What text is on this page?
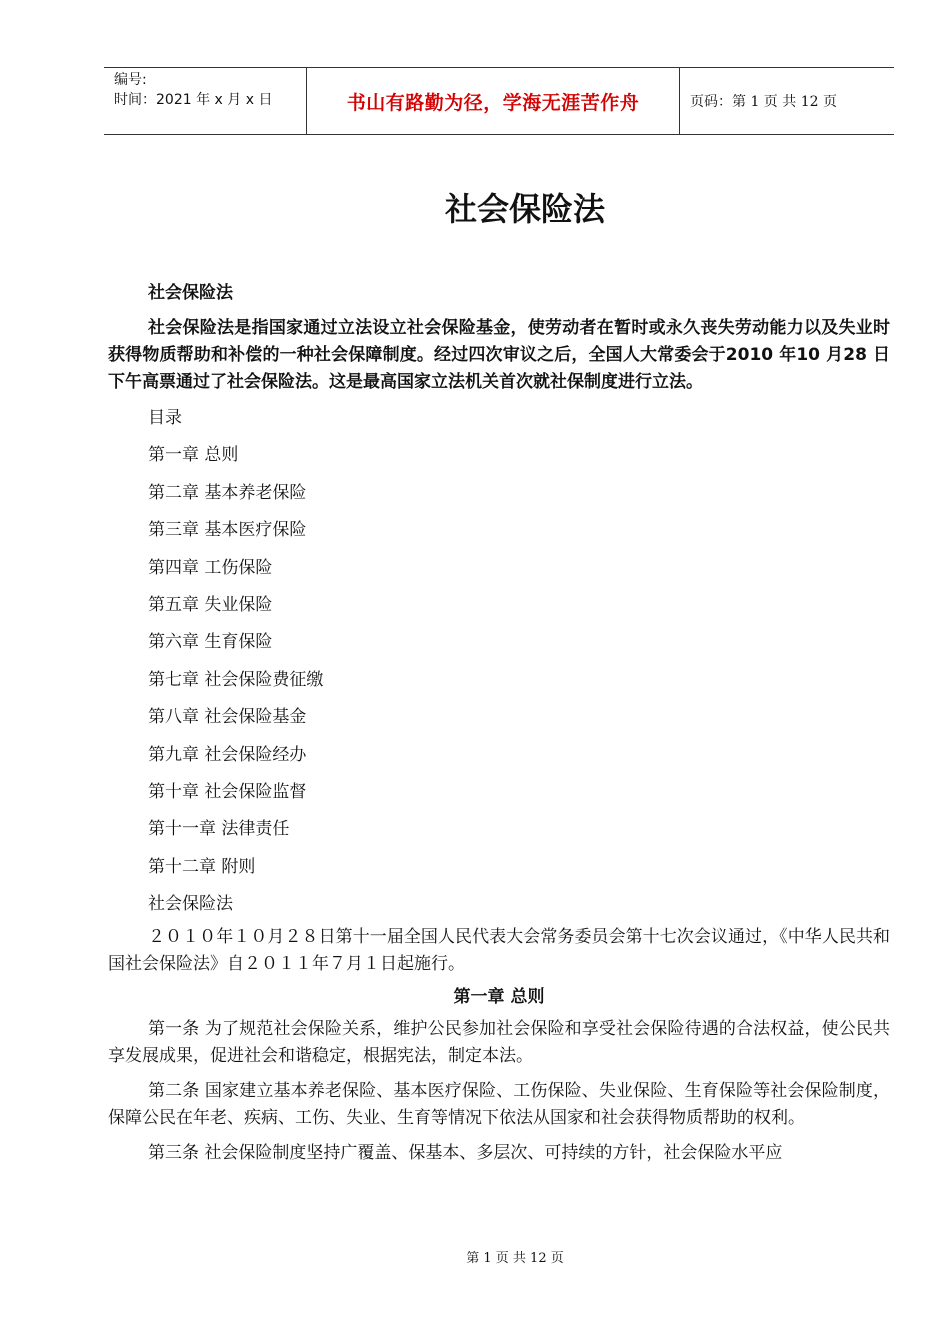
编号:
时间：2021 年 x 月 x 日	书山有路勤为径，学海无涯苦作舟	页码：第 1 页 共 12 页
社会保险法

社会保险法

社会保险法是指国家通过立法设立社会保险基金，使劳动者在暂时或永久丧失劳动能力以及失业时获得物质帮助和补偿的一种社会保障制度。经过四次审议之后，全国人大常委会于2010 年10 月28 日下午高票通过了社会保险法。这是最高国家立法机关首次就社保制度进行立法。

目录

第一章 总则

第二章 基本养老保险

第三章 基本医疗保险

第四章 工伤保险

第五章 失业保险

第六章 生育保险

第七章 社会保险费征缴

第八章 社会保险基金

第九章 社会保险经办

第十章 社会保险监督

第十一章 法律责任

第十二章 附则

社会保险法

２０１０年１０月２８日第十一届全国人民代表大会常务委员会第十七次会议通过，《中华人民共和国社会保险法》自２０１１年７月１日起施行。

第一章 总则

第一条 为了规范社会保险关系，维护公民参加社会保险和享受社会保险待遇的合法权益，使公民共享发展成果，促进社会和谐稳定，根据宪法，制定本法。

第二条 国家建立基本养老保险、基本医疗保险、工伤保险、失业保险、生育保险等社会保险制度，保障公民在年老、疾病、工伤、失业、生育等情况下依法从国家和社会获得物质帮助的权利。

第三条 社会保险制度坚持广覆盖、保基本、多层次、可持续的方针，社会保险水平应

第 1 页 共 12 页
